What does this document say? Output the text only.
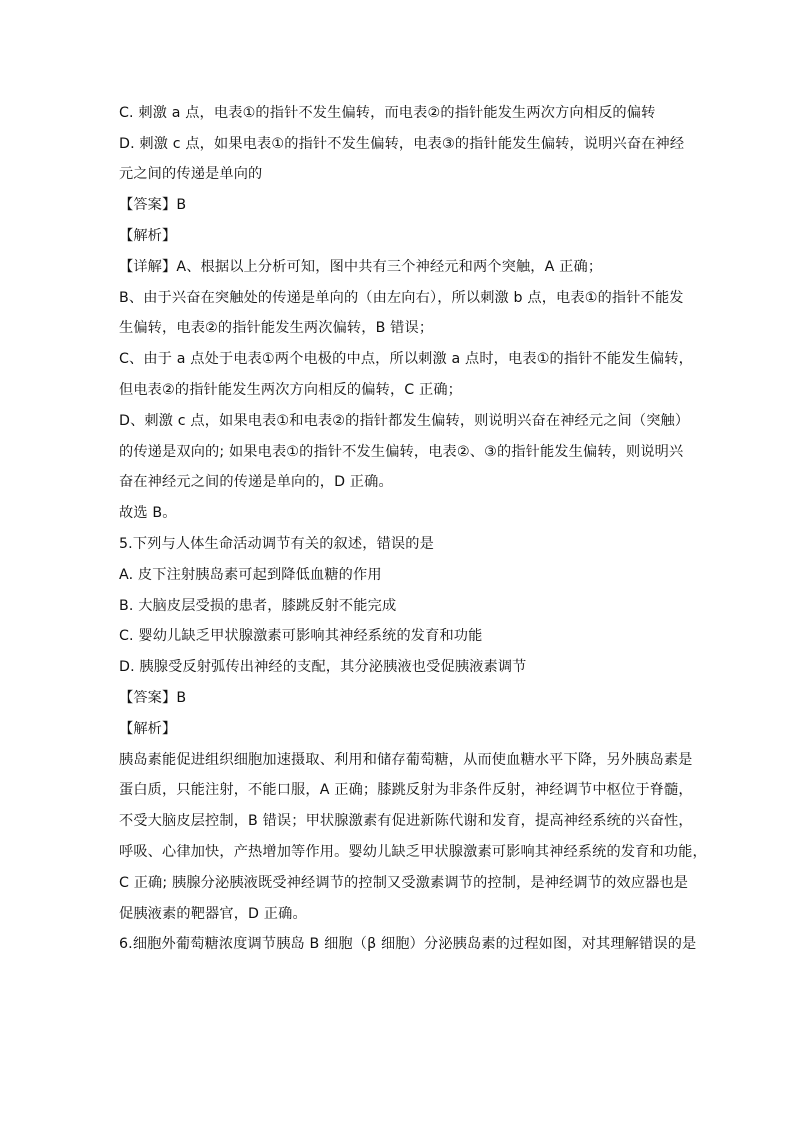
C. 刺激 a 点，电表①的指针不发生偏转，而电表②的指针能发生两次方向相反的偏转
D. 刺激 c 点，如果电表①的指针不发生偏转，电表③的指针能发生偏转，说明兴奋在神经
元之间的传递是单向的
【答案】B
【解析】
【详解】A、根据以上分析可知，图中共有三个神经元和两个突触，A 正确；
B、由于兴奋在突触处的传递是单向的（由左向右），所以刺激 b 点，电表①的指针不能发
生偏转，电表②的指针能发生两次偏转，B 错误；
C、由于 a 点处于电表①两个电极的中点，所以刺激 a 点时，电表①的指针不能发生偏转，
但电表②的指针能发生两次方向相反的偏转，C 正确；
D、刺激 c 点，如果电表①和电表②的指针都发生偏转，则说明兴奋在神经元之间（突触）
的传递是双向的; 如果电表①的指针不发生偏转，电表②、③的指针能发生偏转，则说明兴
奋在神经元之间的传递是单向的，D 正确。
故选 B。
5.下列与人体生命活动调节有关的叙述，错误的是
A. 皮下注射胰岛素可起到降低血糖的作用
B. 大脑皮层受损的患者，膝跳反射不能完成
C. 婴幼儿缺乏甲状腺激素可影响其神经系统的发育和功能
D. 胰腺受反射弧传出神经的支配，其分泌胰液也受促胰液素调节
【答案】B
【解析】
胰岛素能促进组织细胞加速摄取、利用和储存葡萄糖，从而使血糖水平下降，另外胰岛素是
蛋白质，只能注射，不能口服，A 正确；膝跳反射为非条件反射，神经调节中枢位于脊髓，
不受大脑皮层控制，B 错误；甲状腺激素有促进新陈代谢和发育，提高神经系统的兴奋性，
呼吸、心律加快，产热增加等作用。婴幼儿缺乏甲状腺激素可影响其神经系统的发育和功能，
C 正确; 胰腺分泌胰液既受神经调节的控制又受激素调节的控制，是神经调节的效应器也是
促胰液素的靶器官，D 正确。
6.细胞外葡萄糖浓度调节胰岛 B 细胞（β 细胞）分泌胰岛素的过程如图，对其理解错误的是
